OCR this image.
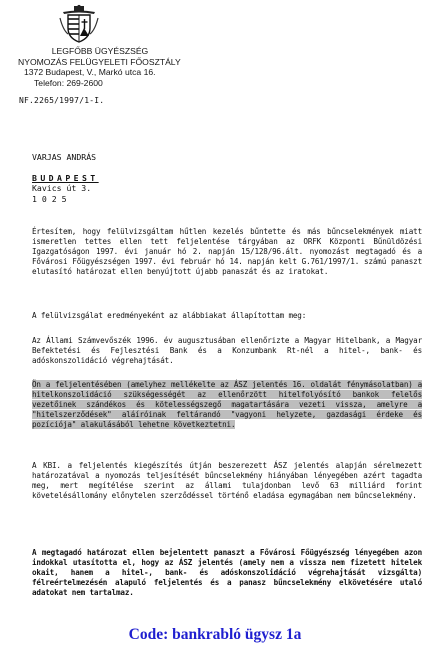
LEGFŐBB ÜGYÉSZSÉG
NYOMOZÁS FELÜGYELETI FŐOSZTÁLY
1372 Budapest, V., Markó utca 16.
Telefon: 269-2600
NF.2265/1997/1-I.
VARJAS ANDRÁS
BUDAPEST
Kavics út 3.
1 0 2 5
Értesítem, hogy felülvizsgáltam hűtlen kezelés bűntette és más bűncselekmények miatt ismeretlen tettes ellen tett feljelentése tárgyában az ORFK Központi Bűnüldözési Igazgatóságon 1997. évi január hó 2. napján 15/128/96.ált. nyomozást megtagadó és a Fővárosi Főügyészségen 1997. évi február hó 14. napján kelt G.761/1997/1. számú panaszt elutasító határozat ellen benyújtott újabb panaszát és az iratokat.
A felülvizsgálat eredményeként az alábbiakat állapítottam meg:
Az Állami Számvevőszék 1996. év augusztusában ellenőrizte a Magyar Hitelbank, a Magyar Befektetési és Fejlesztési Bank és a Konzumbank Rt-nél a hitel-, bank- és adóskonszolidáció végrehajtását.
Ön a feljelentésében (amelyhez mellékelte az ÁSZ jelentés 16. oldalát fénymásolatban) a hitelkonszolidáció szükségességét az ellenőrzött hitelfolyósító bankok felelős vezetőinek szándékos és kötelességszegő magatartására vezeti vissza, amelyre a "hitelszerződések" aláíróinak feltárandó "vagyoni helyzete, gazdasági érdeke és pozíciója" alakulásából lehetne következtetni.
A KBI. a feljelentés kiegészítés útján beszerezett ÁSZ jelentés alapján sérelmezett határozatával a nyomozás teljesítését bűncselekmény hiányában lényegében azért tagadta meg, mert megítélése szerint az állami tulajdonban levő 63 milliárd forint követelésállomány előnytelen szerződéssel történő eladása egymagában nem bűncselekmény.
A megtagadó határozat ellen bejelentett panaszt a Fővárosi Főügyészség lényegében azon indokkal utasította el, hogy az ÁSZ jelentés (amely nem a vissza nem fizetett hitelek okait, hanem a hitel-, bank- és adóskonszolidáció végrehajtását vizsgálta) félreértelmezésén alapuló feljelentés és a panasz bűncselekmény elkövetésére utaló adatokat nem tartalmaz.
Code: bankrabló ügysz 1a
